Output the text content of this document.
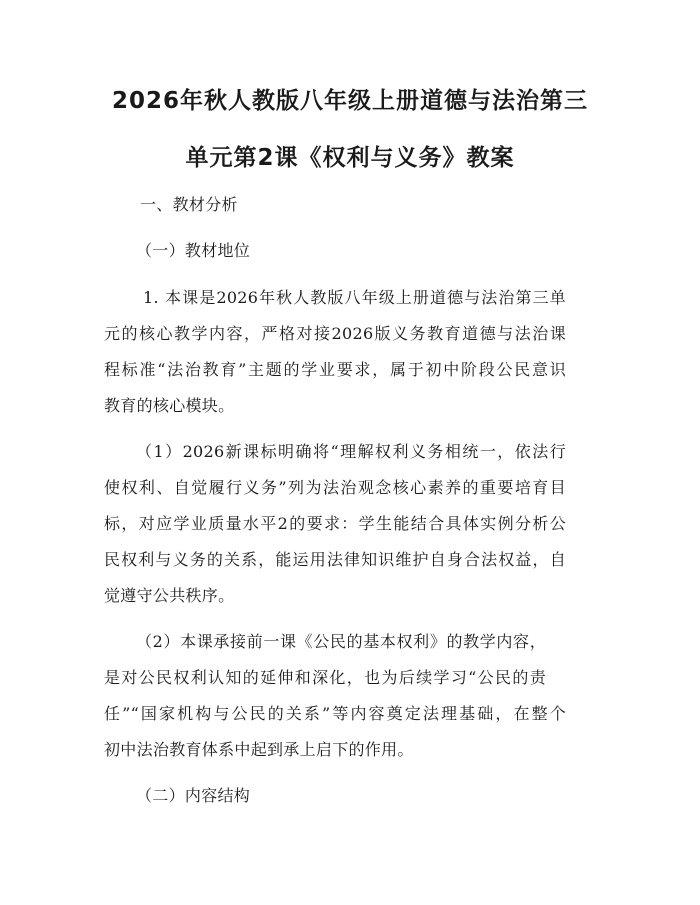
2026年秋人教版八年级上册道德与法治第三
单元第2课《权利与义务》教案
一、教材分析
（一）教材地位
1. 本课是2026年秋人教版八年级上册道德与法治第三单
元的核心教学内容，严格对接2026版义务教育道德与法治课
程标准“法治教育”主题的学业要求，属于初中阶段公民意识
教育的核心模块。
（1）2026新课标明确将“理解权利义务相统一，依法行
使权利、自觉履行义务”列为法治观念核心素养的重要培育目
标，对应学业质量水平2的要求：学生能结合具体实例分析公
民权利与义务的关系，能运用法律知识维护自身合法权益，自
觉遵守公共秩序。
（2）本课承接前一课《公民的基本权利》的教学内容，
是对公民权利认知的延伸和深化，也为后续学习“公民的责
任”“国家机构与公民的关系”等内容奠定法理基础，在整个
初中法治教育体系中起到承上启下的作用。
（二）内容结构
